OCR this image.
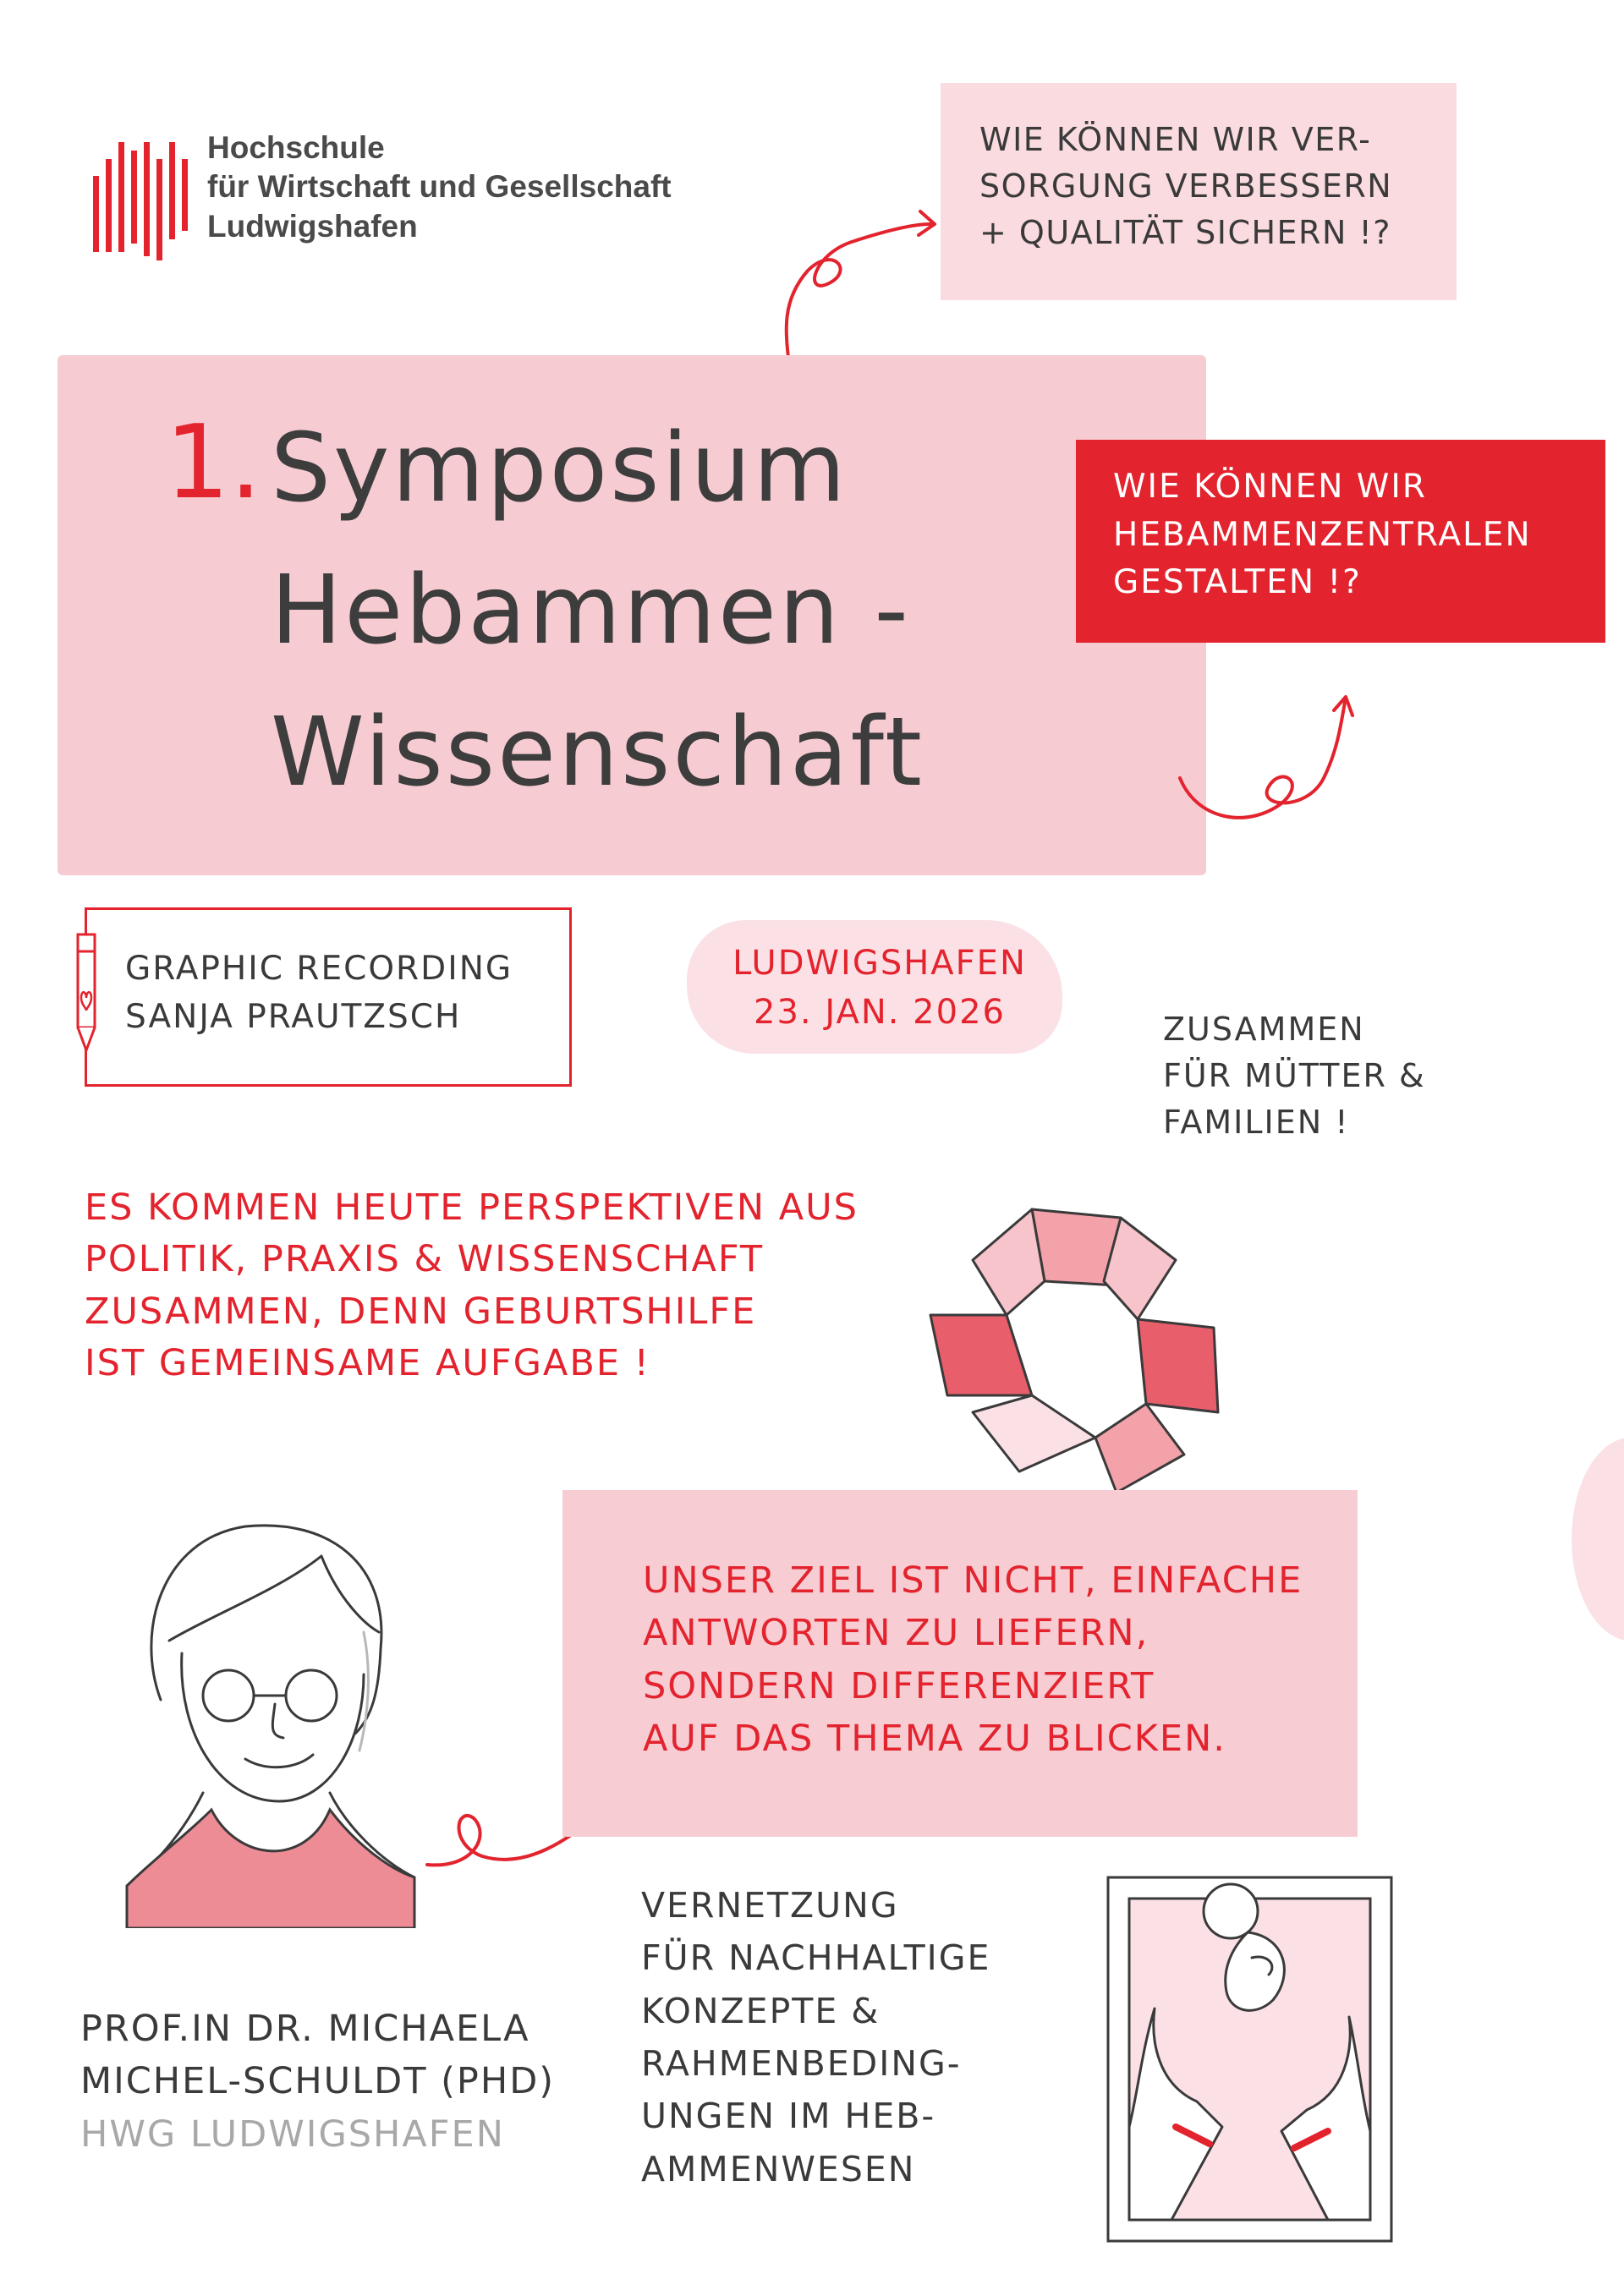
Hochschule
für Wirtschaft und Gesellschaft
Ludwigshafen
WIE KÖNNEN WIR VER-
SORGUNG VERBESSERN
+ QUALITÄT SICHERN !?
1. Symposium
Hebammen -
Wissenschaft
WIE KÖNNEN WIR
HEBAMMENZENTRALEN
GESTALTEN !?
GRAPHIC RECORDING
SANJA PRAUTZSCH
LUDWIGSHAFEN
23. JAN. 2026	ZUSAMMEN
FÜR MÜTTER &
FAMILIEN !
ES KOMMEN HEUTE PERSPEKTIVEN AUS
POLITIK, PRAXIS & WISSENSCHAFT
ZUSAMMEN, DENN GEBURTSHILFE
IST GEMEINSAME AUFGABE !
UNSER ZIEL IST NICHT, EINFACHE
ANTWORTEN ZU LIEFERN,
SONDERN DIFFERENZIERT
AUF DAS THEMA ZU BLICKEN.
VERNETZUNG
FÜR NACHHALTIGE
KONZEPTE &
RAHMENBEDING-
UNGEN IM HEB-
AMMENWESEN
PROF.IN DR. MICHAELA
MICHEL-SCHULDT (PHD)
HWG LUDWIGSHAFEN
